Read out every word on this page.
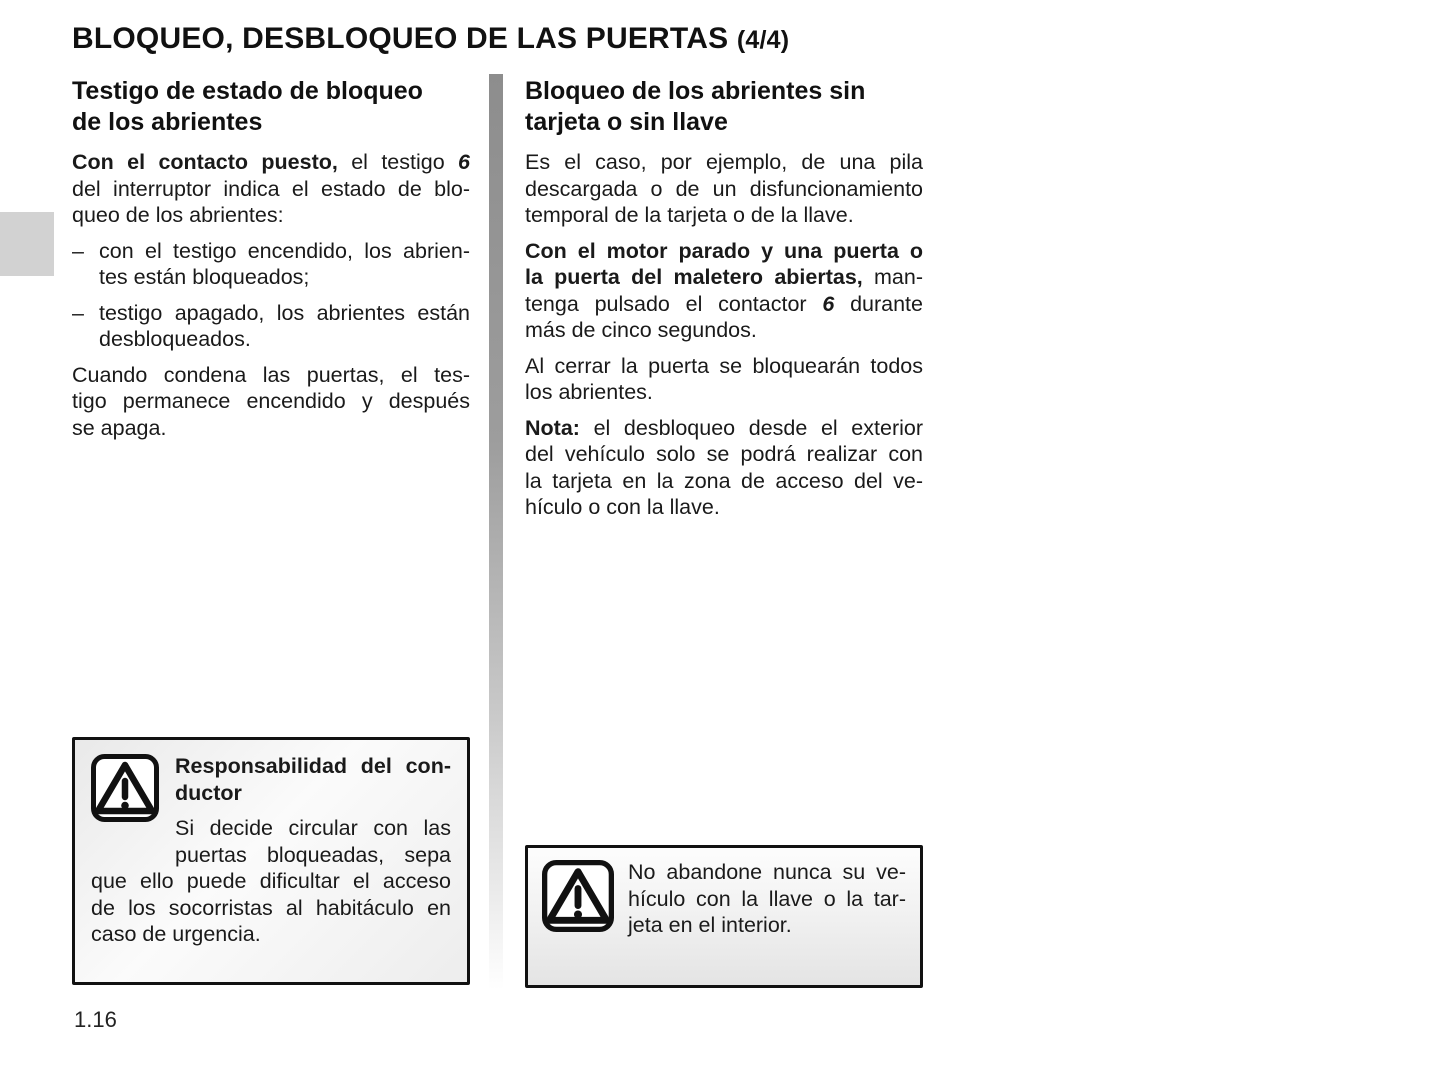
BLOQUEO, DESBLOQUEO DE LAS PUERTAS (4/4)
Testigo de estado de bloqueo
de los abrientes
Con el contacto puesto, el testigo 6
del interruptor indica el estado de blo-
queo de los abrientes:
– con el testigo encendido, los abrien-
tes están bloqueados;
– testigo apagado, los abrientes están
desbloqueados.
Cuando condena las puertas, el tes-
tigo permanece encendido y después
se apaga.
Bloqueo de los abrientes sin
tarjeta o sin llave
Es el caso, por ejemplo, de una pila
descargada o de un disfuncionamiento
temporal de la tarjeta o de la llave.
Con el motor parado y una puerta o
la puerta del maletero abiertas, man-
tenga pulsado el contactor 6 durante
más de cinco segundos.
Al cerrar la puerta se bloquearán todos
los abrientes.
Nota: el desbloqueo desde el exterior
del vehículo solo se podrá realizar con
la tarjeta en la zona de acceso del ve-
hículo o con la llave.
Responsabilidad del con-
ductor
Si decide circular con las
puertas bloqueadas, sepa
que ello puede dificultar el acceso
de los socorristas al habitáculo en
caso de urgencia.
No abandone nunca su ve-
hículo con la llave o la tar-
jeta en el interior.
1.16
